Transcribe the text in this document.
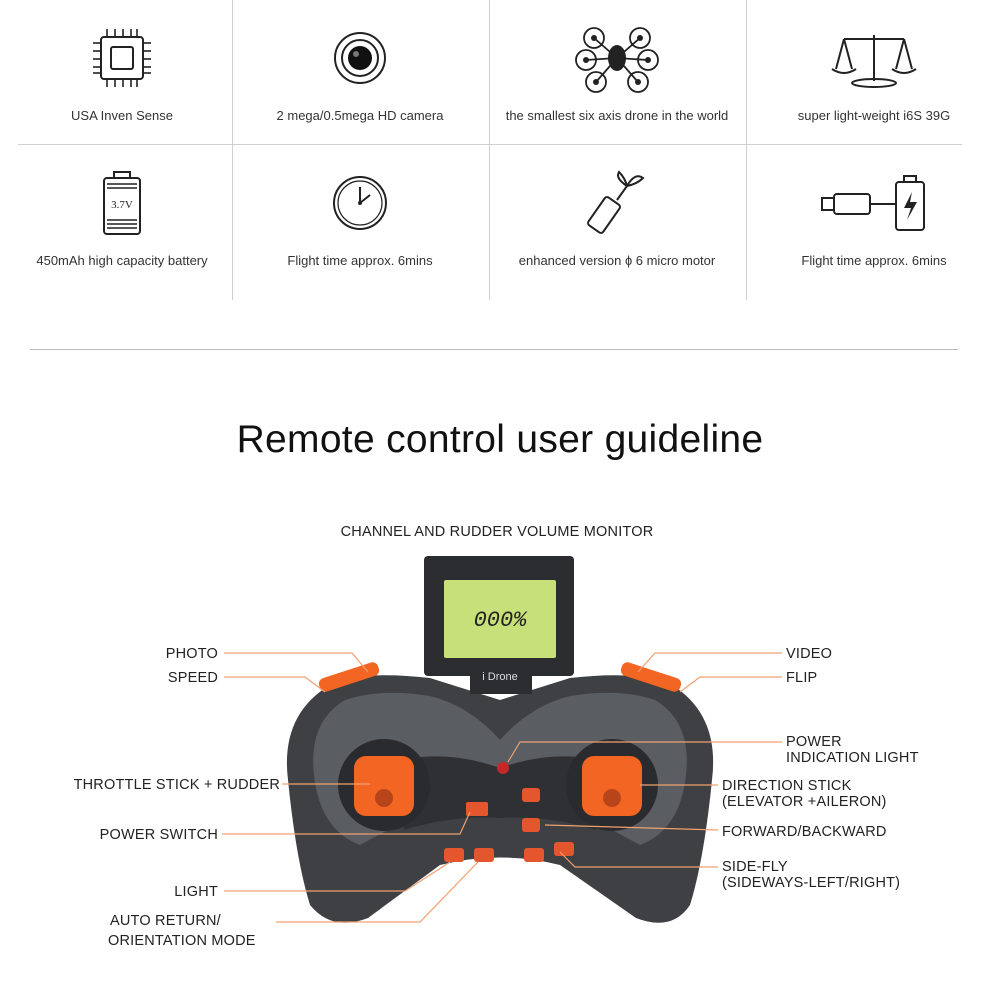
USA Inven Sense	2 mega/0.5mega HD camera	the smallest six axis drone in the world	super light-weight i6S 39G
3.7V
450mAh high capacity battery	Flight time approx. 6mins	enhanced version ɸ 6 micro motor	Flight time approx. 6mins
Remote control user guideline
000%
i Drone
CHANNEL AND RUDDER VOLUME MONITOR
PHOTO
SPEED
THROTTLE STICK + RUDDER
POWER SWITCH
LIGHT
AUTO RETURN/
ORIENTATION MODE
VIDEO
FLIP
POWER
INDICATION LIGHT
DIRECTION STICK
(ELEVATOR +AILERON)
FORWARD/BACKWARD
SIDE-FLY
(SIDEWAYS-LEFT/RIGHT)
